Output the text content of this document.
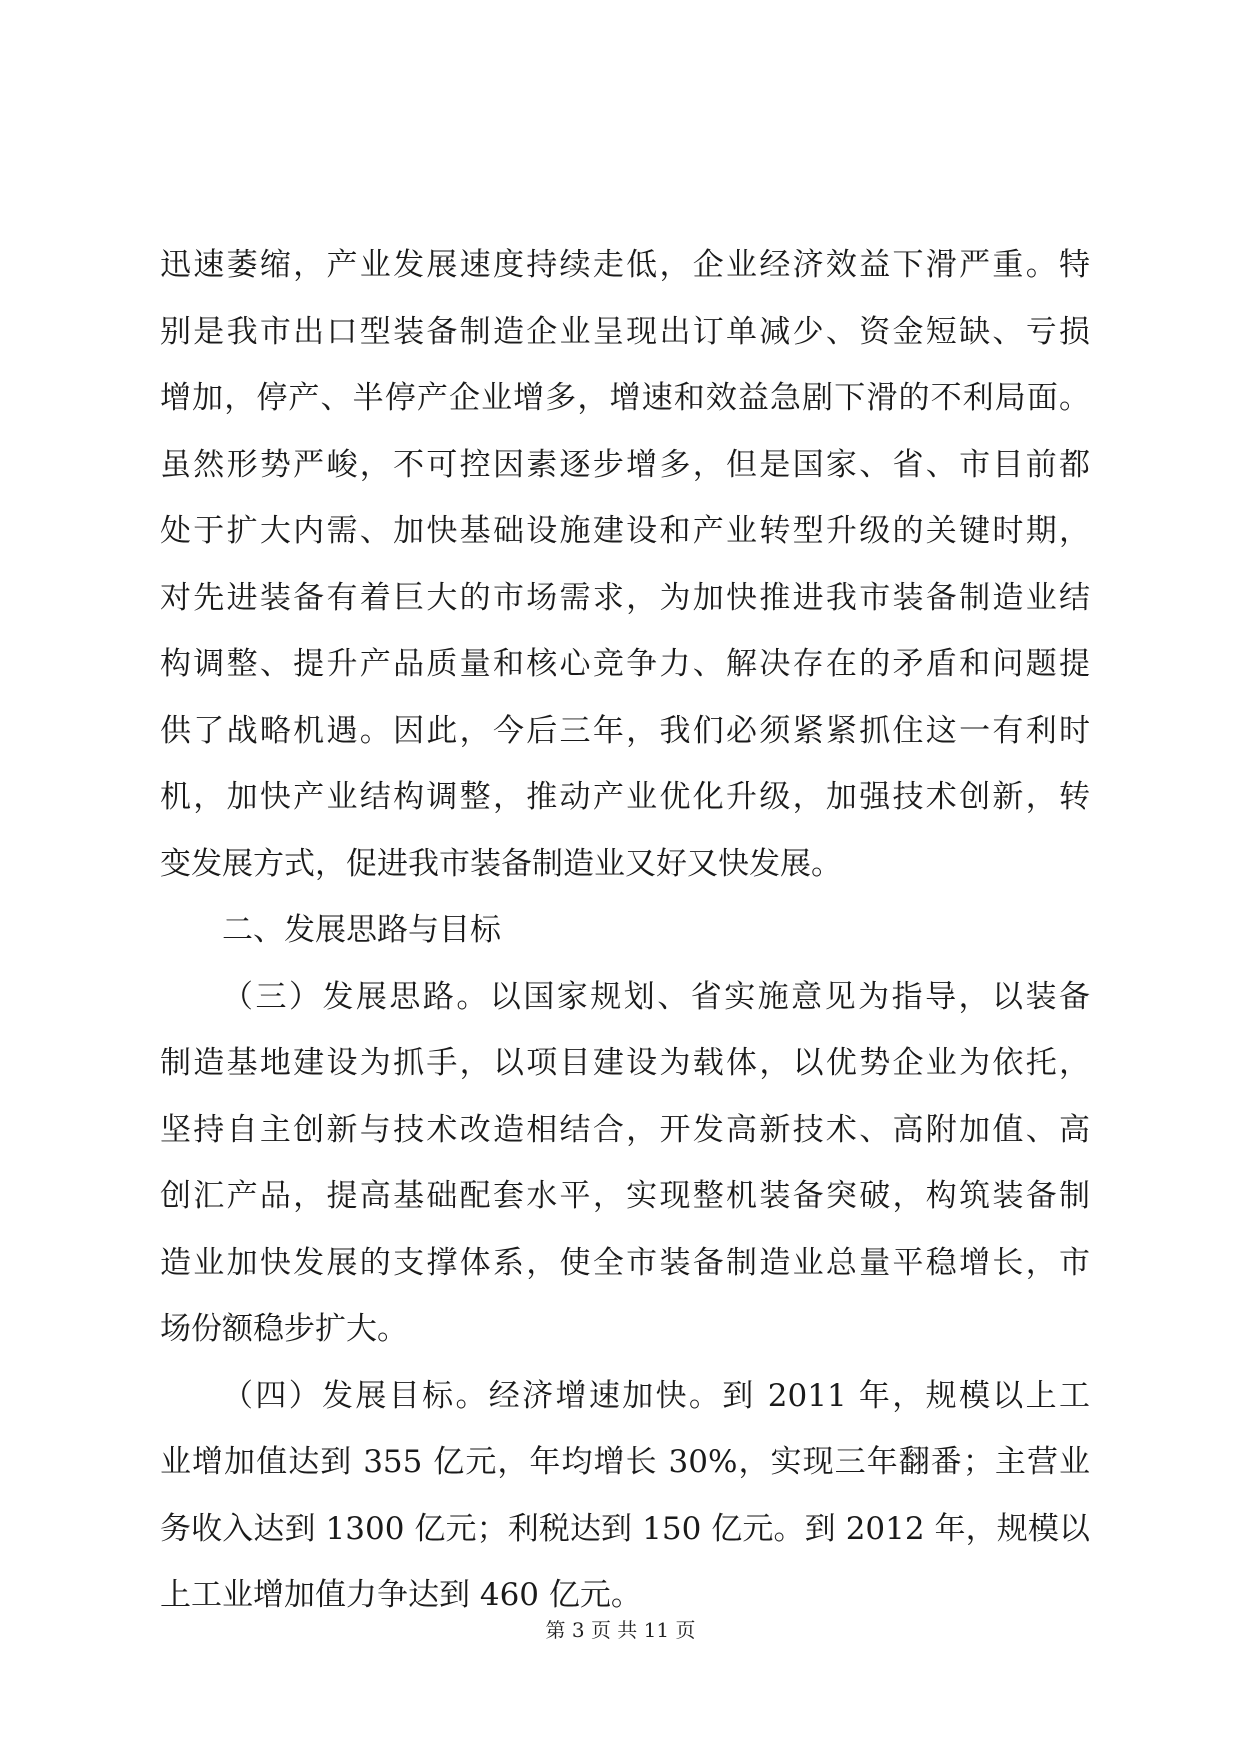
迅速萎缩，产业发展速度持续走低，企业经济效益下滑严重。特
别是我市出口型装备制造企业呈现出订单减少、资金短缺、亏损
增加，停产、半停产企业增多，增速和效益急剧下滑的不利局面。
虽然形势严峻，不可控因素逐步增多，但是国家、省、市目前都
处于扩大内需、加快基础设施建设和产业转型升级的关键时期，
对先进装备有着巨大的市场需求，为加快推进我市装备制造业结
构调整、提升产品质量和核心竞争力、解决存在的矛盾和问题提
供了战略机遇。因此，今后三年，我们必须紧紧抓住这一有利时
机，加快产业结构调整，推动产业优化升级，加强技术创新，转
变发展方式，促进我市装备制造业又好又快发展。
二、发展思路与目标
（三）发展思路。以国家规划、省实施意见为指导，以装备
制造基地建设为抓手，以项目建设为载体，以优势企业为依托，
坚持自主创新与技术改造相结合，开发高新技术、高附加值、高
创汇产品，提高基础配套水平，实现整机装备突破，构筑装备制
造业加快发展的支撑体系，使全市装备制造业总量平稳增长，市
场份额稳步扩大。
（四）发展目标。经济增速加快。到 2011 年，规模以上工
业增加值达到 355 亿元，年均增长 30%，实现三年翻番；主营业
务收入达到 1300 亿元；利税达到 150 亿元。到 2012 年，规模以
上工业增加值力争达到 460 亿元。
第 3 页 共 11 页
